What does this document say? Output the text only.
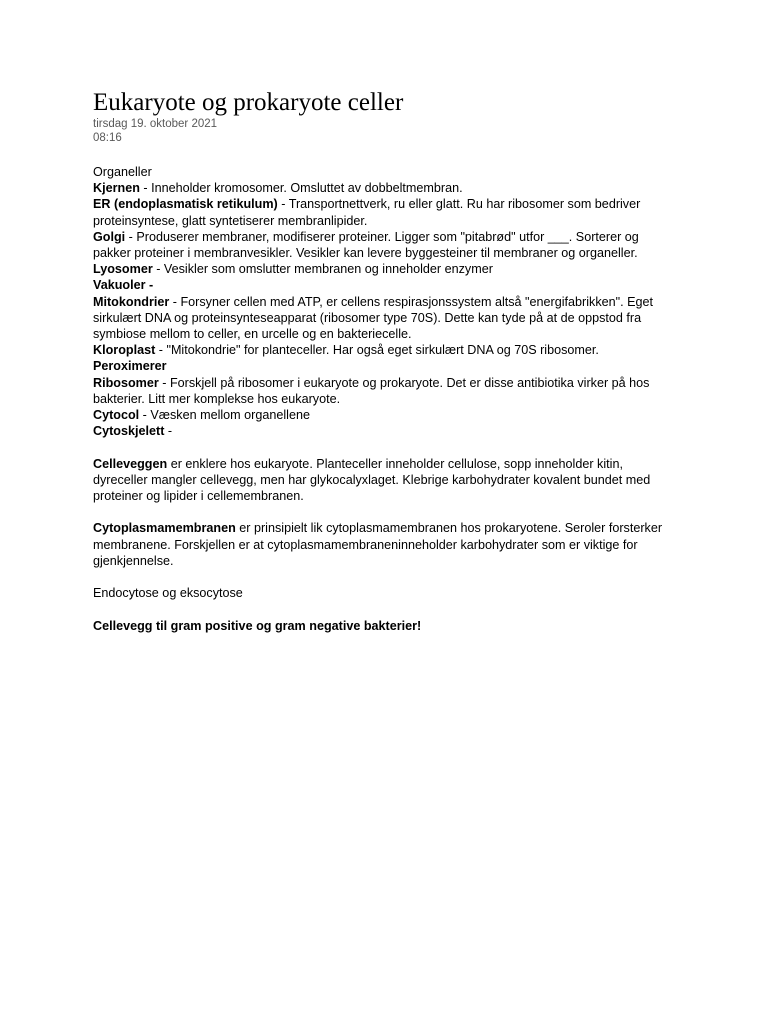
Eukaryote og prokaryote celler
tirsdag 19. oktober 2021
08:16
Organeller
Kjernen - Inneholder kromosomer. Omsluttet av dobbeltmembran.
ER (endoplasmatisk retikulum) - Transportnettverk, ru eller glatt. Ru har ribosomer som bedriver proteinsyntese, glatt syntetiserer membranlipider.
Golgi - Produserer membraner, modifiserer proteiner. Ligger som "pitabrød" utfor ___. Sorterer og pakker proteiner i membranvesikler. Vesikler kan levere byggesteiner til membraner og organeller.
Lyosomer - Vesikler som omslutter membranen og inneholder enzymer
Vakuoler -
Mitokondrier - Forsyner cellen med ATP, er cellens respirasjonssystem altså "energifabrikken". Eget sirkulært DNA og proteinsynteseapparat (ribosomer type 70S). Dette kan tyde på at de oppstod fra symbiose mellom to celler, en urcelle og en bakteriecelle.
Kloroplast - "Mitokondrie" for planteceller. Har også eget sirkulært DNA og 70S ribosomer.
Peroximerer
Ribosomer - Forskjell på ribosomer i eukaryote og prokaryote. Det er disse antibiotika virker på hos bakterier. Litt mer komplekse hos eukaryote.
Cytocol - Væsken mellom organellene
Cytoskjelett -
Celleveggen er enklere hos eukaryote. Planteceller inneholder cellulose, sopp inneholder kitin, dyreceller mangler cellevegg, men har glykocalyxlaget. Klebrige karbohydrater kovalent bundet med proteiner og lipider i cellemembranen.
Cytoplasmamembranen er prinsipielt lik cytoplasmamembranen hos prokaryotene. Seroler forsterker membranene. Forskjellen er at cytoplasmamembraneninneholder karbohydrater som er viktige for gjenkjennelse.
Endocytose og eksocytose
Cellevegg til gram positive og gram negative bakterier!
